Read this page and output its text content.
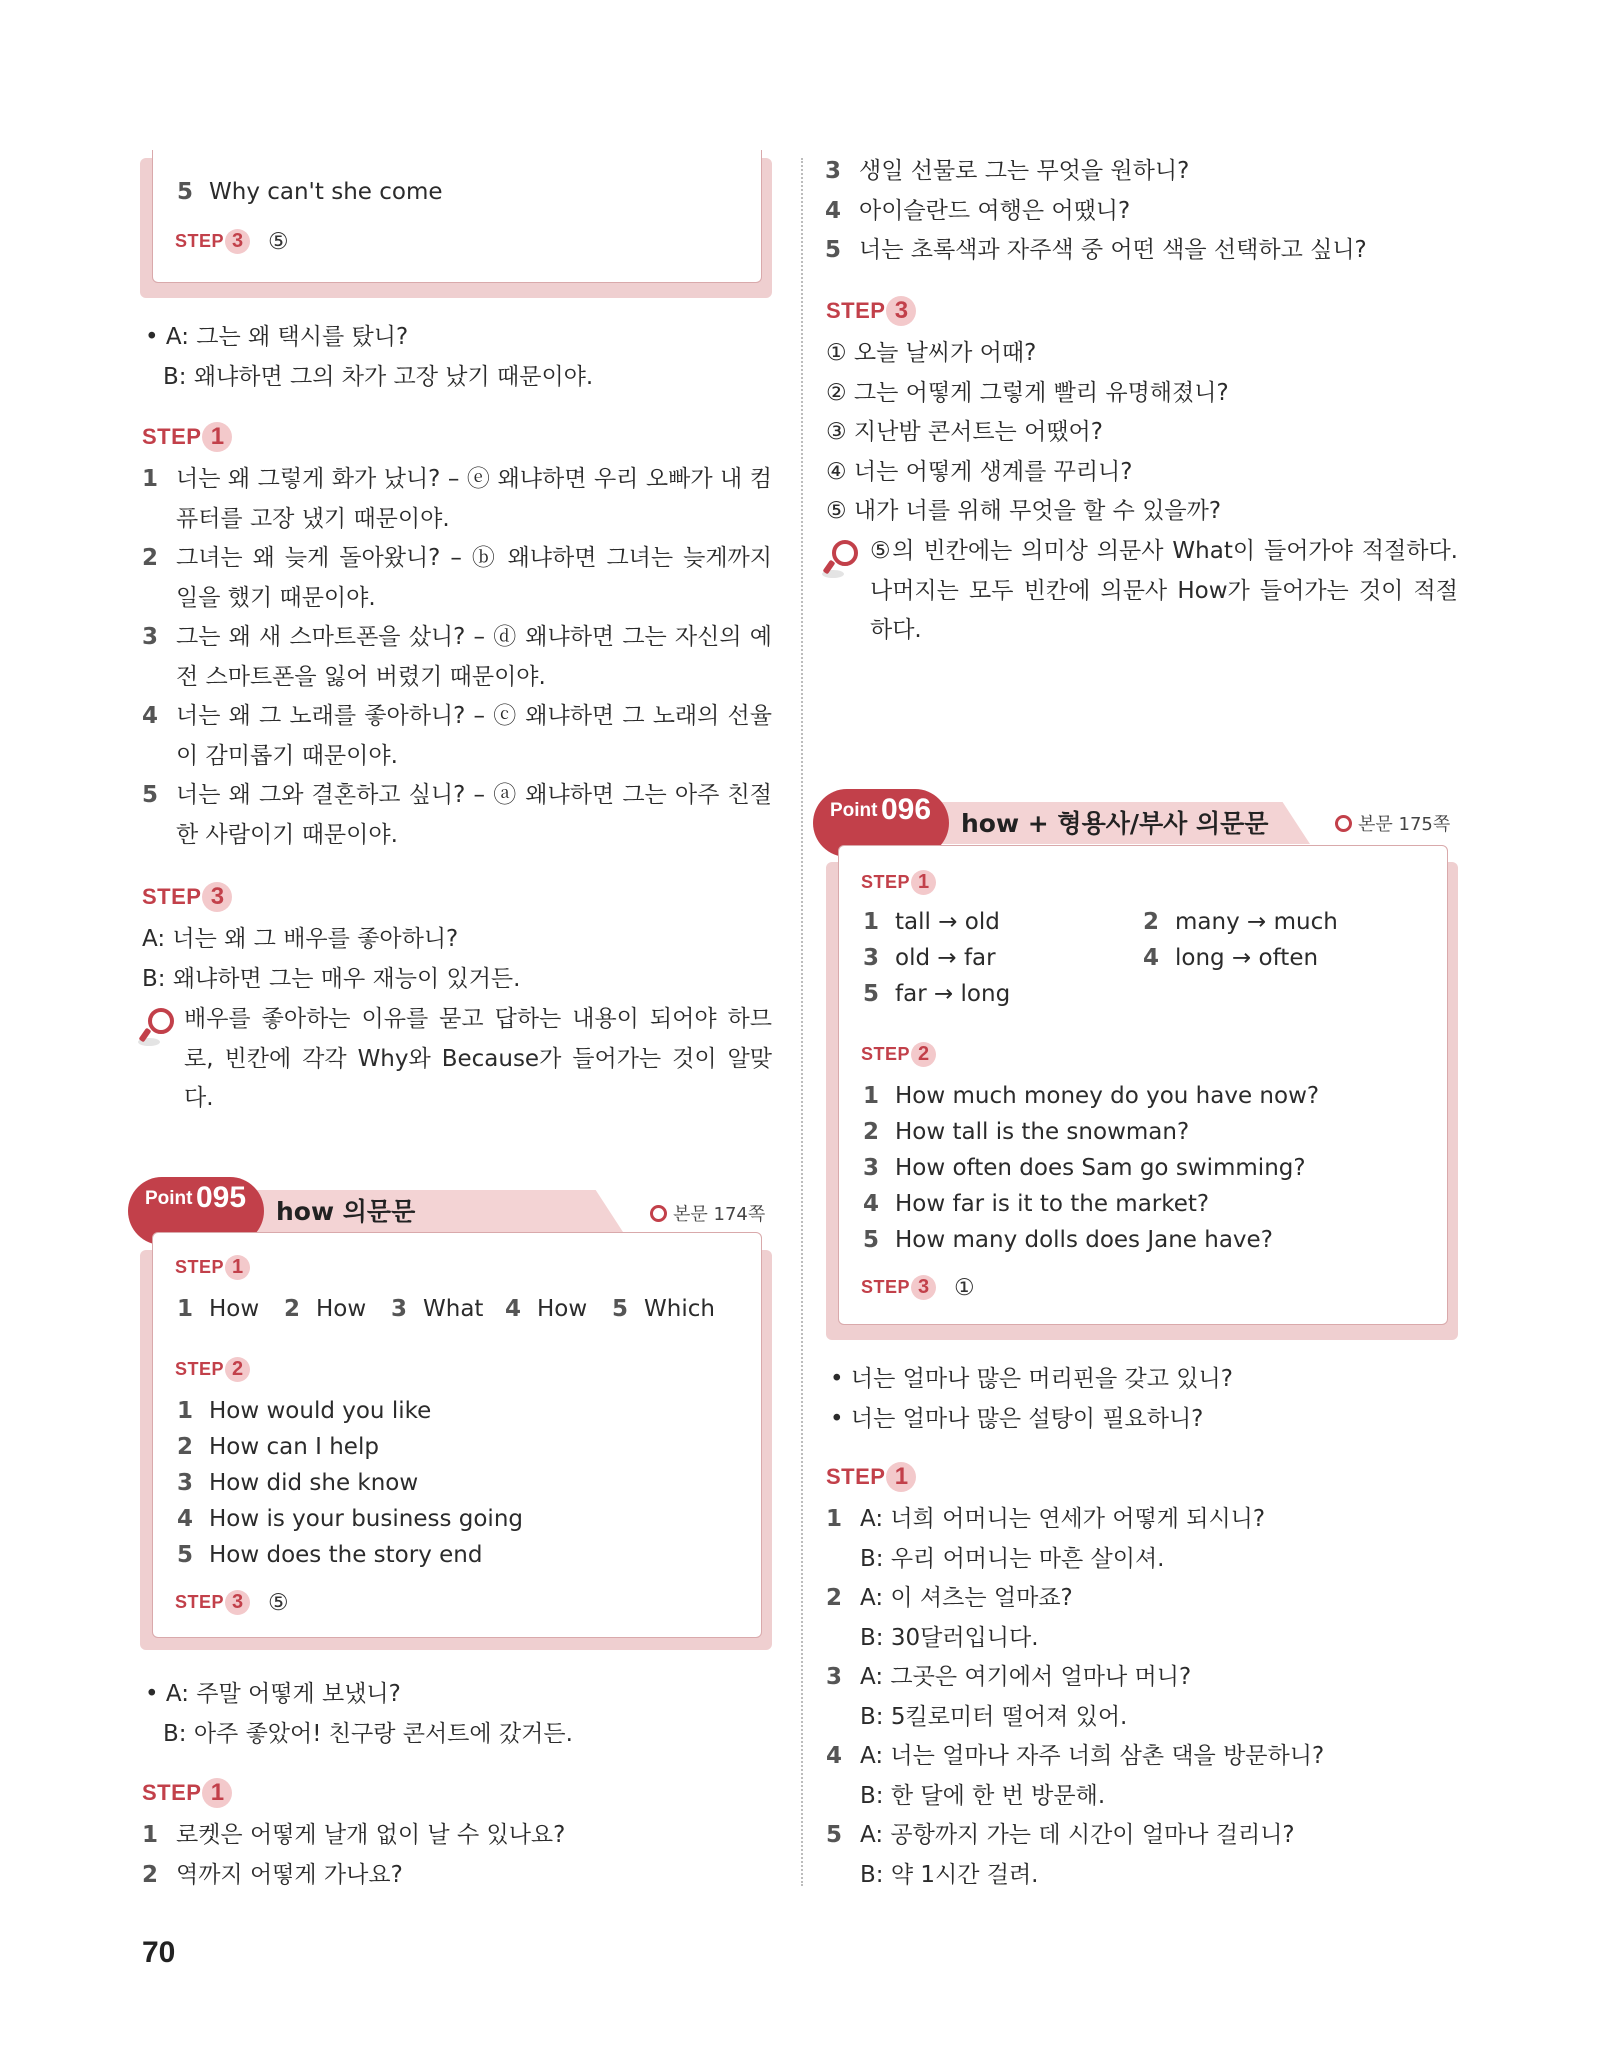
5 Why can't she come
STEP 3	⑤
• A: 그는 왜 택시를 탔니?
B: 왜냐하면 그의 차가 고장 났기 때문이야.
STEP 1
1 너는 왜 그렇게 화가 났니? – ⓔ 왜냐하면 우리 오빠가 내 컴퓨터를 고장 냈기 때문이야.
2 그녀는 왜 늦게 돌아왔니? – ⓑ 왜냐하면 그녀는 늦게까지 일을 했기 때문이야.
3 그는 왜 새 스마트폰을 샀니? – ⓓ 왜냐하면 그는 자신의 예전 스마트폰을 잃어 버렸기 때문이야.
4 너는 왜 그 노래를 좋아하니? – ⓒ 왜냐하면 그 노래의 선율이 감미롭기 때문이야.
5 너는 왜 그와 결혼하고 싶니? – ⓐ 왜냐하면 그는 아주 친절한 사람이기 때문이야.
STEP 3
A: 너는 왜 그 배우를 좋아하니?
B: 왜냐하면 그는 매우 재능이 있거든.
배우를 좋아하는 이유를 묻고 답하는 내용이 되어야 하므로, 빈칸에 각각 Why와 Because가 들어가는 것이 알맞다.
Point 095 how 의문문	본문 174쪽
STEP 1
1 How	2 How	3 What 4 How	5 Which
STEP 2
1 How would you like
2 How can I help
3 How did she know
4 How is your business going
5 How does the story end
STEP 3	⑤
• A: 주말 어떻게 보냈니?
B: 아주 좋았어! 친구랑 콘서트에 갔거든.
STEP 1
1 로켓은 어떻게 날개 없이 날 수 있나요?
2 역까지 어떻게 가나요?
70
3 생일 선물로 그는 무엇을 원하니?
4 아이슬란드 여행은 어땠니?
5 너는 초록색과 자주색 중 어떤 색을 선택하고 싶니?
STEP 3
① 오늘 날씨가 어때?
② 그는 어떻게 그렇게 빨리 유명해졌니?
③ 지난밤 콘서트는 어땠어?
④ 너는 어떻게 생계를 꾸리니?
⑤ 내가 너를 위해 무엇을 할 수 있을까?
⑤의 빈칸에는 의미상 의문사 What이 들어가야 적절하다. 나머지는 모두 빈칸에 의문사 How가 들어가는 것이 적절하다.
Point 096 how + 형용사/부사 의문문	본문 175쪽
STEP 1
1 tall → old	2 many → much
3 old → far	4 long → often
5 far → long
STEP 2
1 How much money do you have now?
2 How tall is the snowman?
3 How often does Sam go swimming?
4 How far is it to the market?
5 How many dolls does Jane have?
STEP 3	①
• 너는 얼마나 많은 머리핀을 갖고 있니?
• 너는 얼마나 많은 설탕이 필요하니?
STEP 1
1 A: 너희 어머니는 연세가 어떻게 되시니?
B: 우리 어머니는 마흔 살이셔.
2 A: 이 셔츠는 얼마죠?
B: 30달러입니다.
3 A: 그곳은 여기에서 얼마나 머니?
B: 5킬로미터 떨어져 있어.
4 A: 너는 얼마나 자주 너희 삼촌 댁을 방문하니?
B: 한 달에 한 번 방문해.
5 A: 공항까지 가는 데 시간이 얼마나 걸리니?
B: 약 1시간 걸려.
